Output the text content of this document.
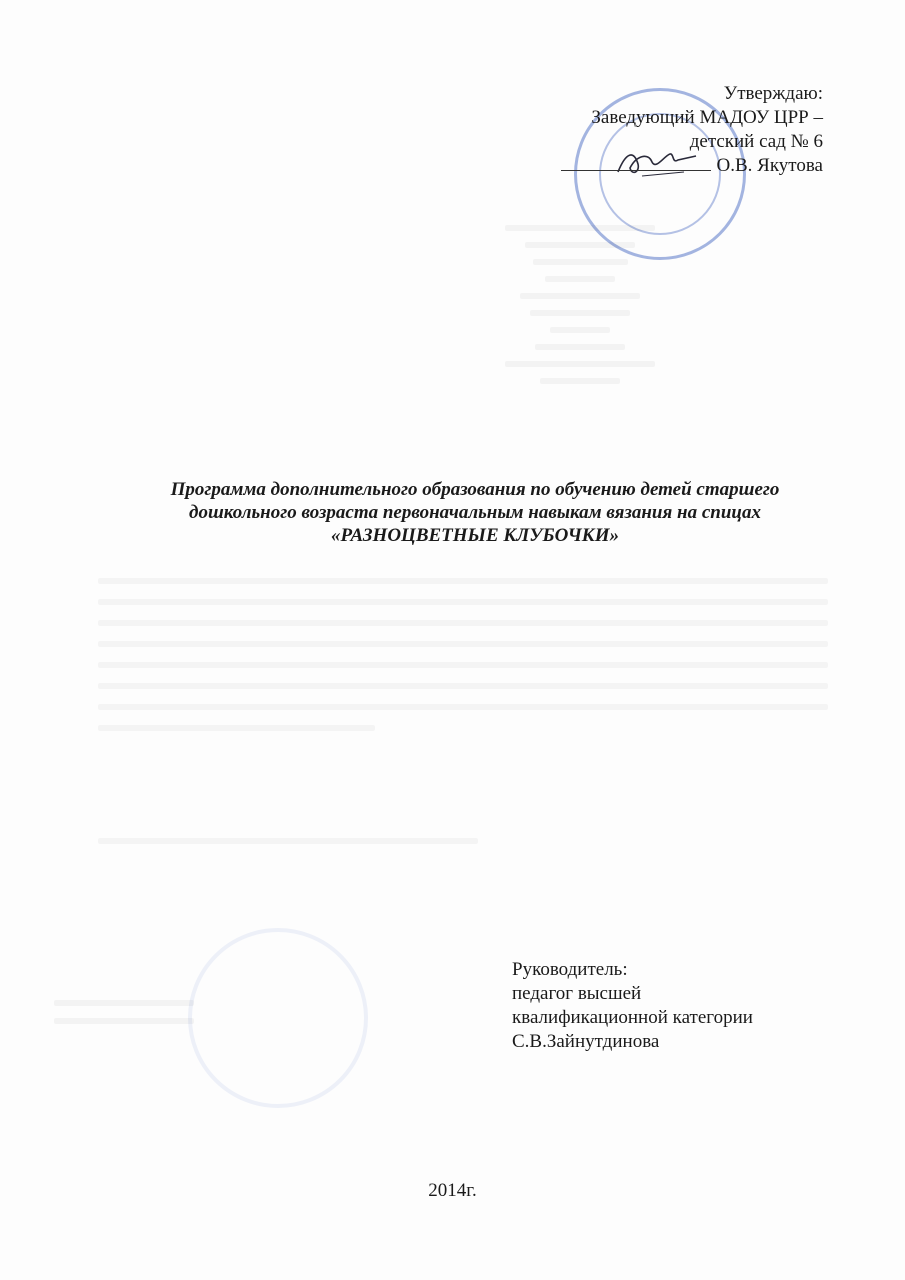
Утверждаю:
Заведующий МАДОУ ЦРР –
детский сад № 6
О.В. Якутова
Программа дополнительного образования по обучению детей старшего
дошкольного возраста первоначальным навыкам вязания на спицах
«РАЗНОЦВЕТНЫЕ КЛУБОЧКИ»
Руководитель:
педагог высшей
квалификационной категории
С.В.Зайнутдинова
2014г.
